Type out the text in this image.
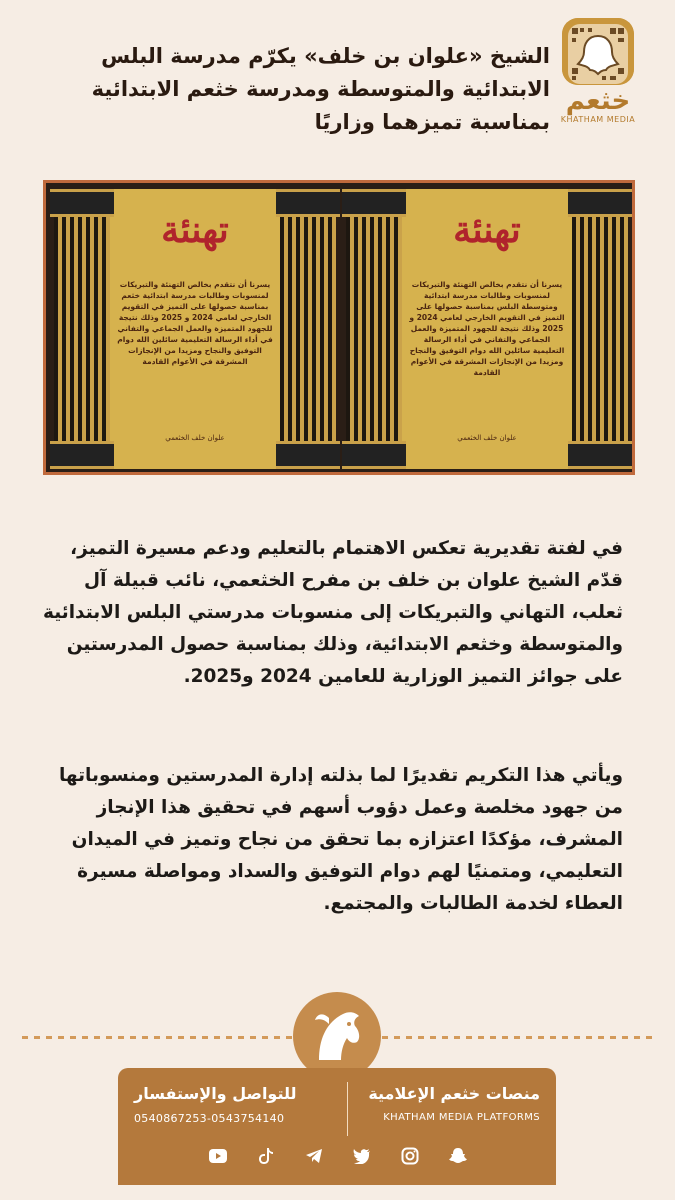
خثعم
KHATHAM MEDIA
الشيخ «علوان بن خلف» يكرّم مدرسة البلس
الابتدائية والمتوسطة ومدرسة خثعم الابتدائية
بمناسبة تميزهما وزاريًا
تهنئة
يسرنا أن نتقدم بخالص التهنئة والتبريكات لمنسوبات وطالبات مدرسة ابتدائية خثعم بمناسبة حصولها على التميز في التقويم الخارجي لعامي 2024 و 2025 وذلك نتيجة للجهود المتميزة والعمل الجماعي والتفاني في أداء الرسالة التعليمية سائلين الله دوام التوفيق والنجاح ومزيدا من الإنجازات المشرقة في الأعوام القادمة
علوان خلف الخثعمي
تهنئة
يسرنا أن نتقدم بخالص التهنئة والتبريكات لمنسوبات وطالبات مدرسة ابتدائية ومتوسطة البلس بمناسبة حصولها على التميز في التقويم الخارجي لعامي 2024 و 2025 وذلك نتيجة للجهود المتميزة والعمل الجماعي والتفاني في أداء الرسالة التعليمية سائلين الله دوام التوفيق والنجاح ومزيدا من الإنجازات المشرقة في الأعوام القادمة
علوان خلف الخثعمي
في لفتة تقديرية تعكس الاهتمام بالتعليم ودعم مسيرة التميز، قدّم الشيخ علوان بن خلف بن مفرح الخثعمي، نائب قبيلة آل ثعلب، التهاني والتبريكات إلى منسوبات مدرستي البلس الابتدائية والمتوسطة وخثعم الابتدائية، وذلك بمناسبة حصول المدرستين على جوائز التميز الوزارية للعامين 2024 و2025.
ويأتي هذا التكريم تقديرًا لما بذلته إدارة المدرستين ومنسوباتها من جهود مخلصة وعمل دؤوب أسهم في تحقيق هذا الإنجاز المشرف، مؤكدًا اعتزازه بما تحقق من نجاح وتميز في الميدان التعليمي، ومتمنيًا لهم دوام التوفيق والسداد ومواصلة مسيرة العطاء لخدمة الطالبات والمجتمع.
منصات خثعم الإعلامية
KHATHAM MEDIA PLATFORMS
للتواصل والإستفسار
0540867253-0543754140
